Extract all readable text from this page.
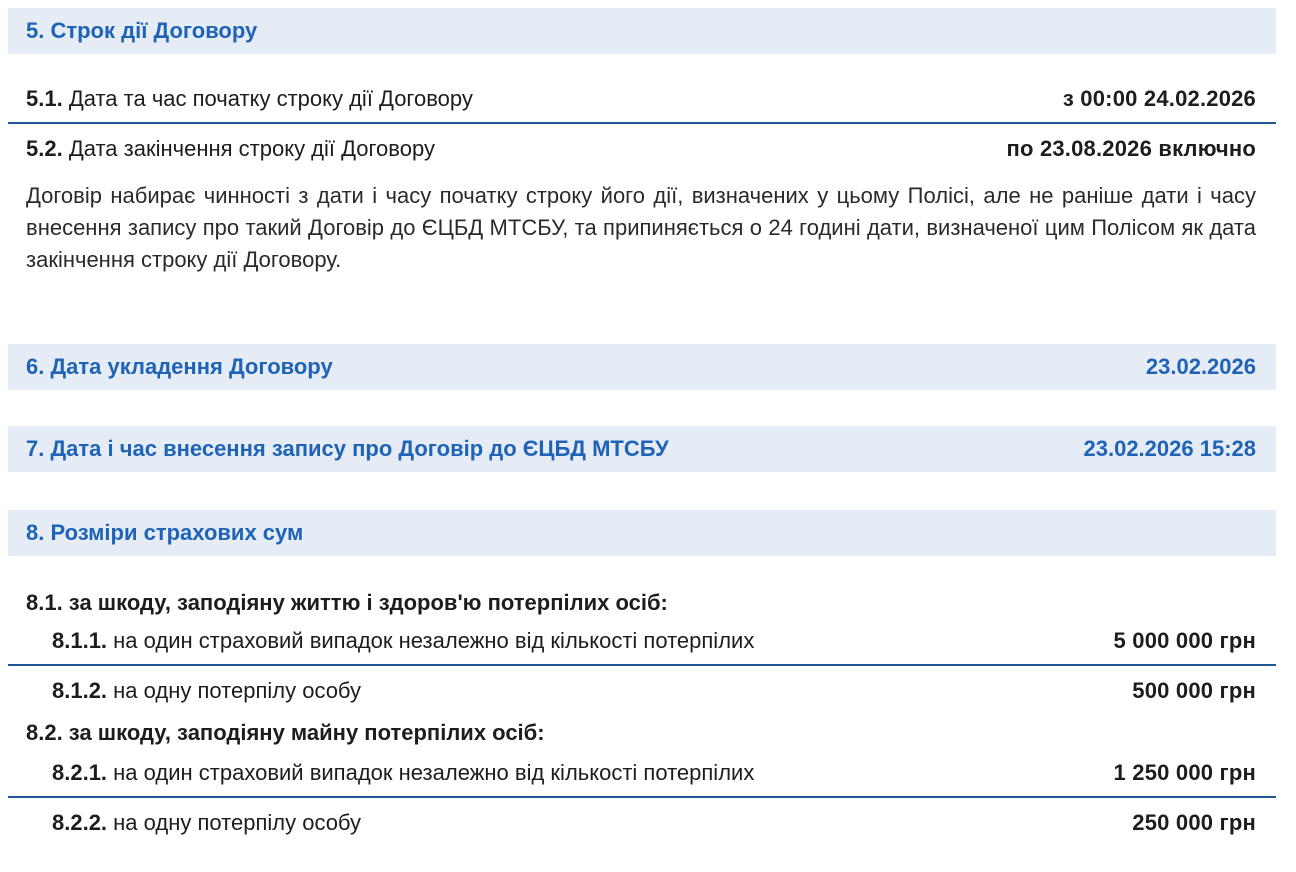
5. Строк дії Договору
5.1. Дата та час початку строку дії Договору	з 00:00 24.02.2026
5.2. Дата закінчення строку дії Договору	по 23.08.2026 включно
Договір набирає чинності з дати і часу початку строку його дії, визначених у цьому Полісі, але не раніше дати і часу внесення запису про такий Договір до ЄЦБД МТСБУ, та припиняється о 24 годині дати, визначеної цим Полісом як дата закінчення строку дії Договору.
6. Дата укладення Договору	23.02.2026
7. Дата і час внесення запису про Договір до ЄЦБД МТСБУ	23.02.2026 15:28
8. Розміри страхових сум
8.1. за шкоду, заподіяну життю і здоров'ю потерпілих осіб:
8.1.1. на один страховий випадок незалежно від кількості потерпілих	5 000 000 грн
8.1.2. на одну потерпілу особу	500 000 грн
8.2. за шкоду, заподіяну майну потерпілих осіб:
8.2.1. на один страховий випадок незалежно від кількості потерпілих	1 250 000 грн
8.2.2. на одну потерпілу особу	250 000 грн
